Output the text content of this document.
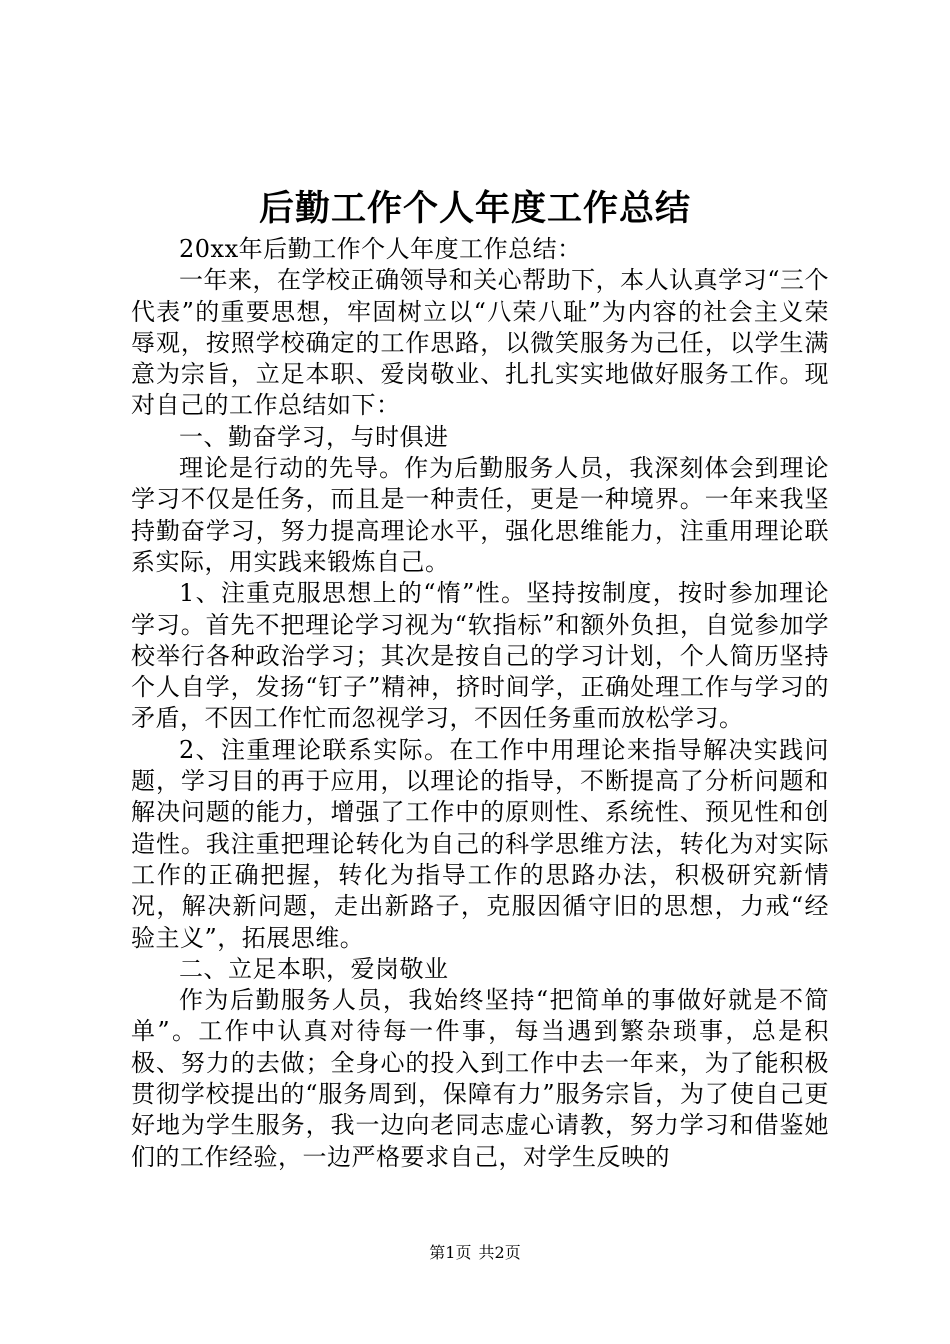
后勤工作个人年度工作总结

20xx年后勤工作个人年度工作总结：

一年来，在学校正确领导和关心帮助下，本人认真学习“三个代表”的重要思想，牢固树立以“八荣八耻”为内容的社会主义荣辱观，按照学校确定的工作思路，以微笑服务为己任，以学生满意为宗旨，立足本职、爱岗敬业、扎扎实实地做好服务工作。现对自己的工作总结如下：

一、勤奋学习，与时俱进

理论是行动的先导。作为后勤服务人员，我深刻体会到理论学习不仅是任务，而且是一种责任，更是一种境界。一年来我坚持勤奋学习，努力提高理论水平，强化思维能力，注重用理论联系实际，用实践来锻炼自己。

1、注重克服思想上的“惰”性。坚持按制度，按时参加理论学习。首先不把理论学习视为“软指标”和额外负担，自觉参加学校举行各种政治学习；其次是按自己的学习计划，个人简历坚持个人自学，发扬“钉子”精神，挤时间学，正确处理工作与学习的矛盾，不因工作忙而忽视学习，不因任务重而放松学习。

2、注重理论联系实际。在工作中用理论来指导解决实践问题，学习目的再于应用，以理论的指导，不断提高了分析问题和解决问题的能力，增强了工作中的原则性、系统性、预见性和创造性。我注重把理论转化为自己的科学思维方法，转化为对实际工作的正确把握，转化为指导工作的思路办法，积极研究新情况，解决新问题，走出新路子，克服因循守旧的思想，力戒“经验主义”，拓展思维。

二、立足本职，爱岗敬业

作为后勤服务人员，我始终坚持“把简单的事做好就是不简单”。工作中认真对待每一件事，每当遇到繁杂琐事，总是积极、努力的去做；全身心的投入到工作中去一年来，为了能积极贯彻学校提出的“服务周到，保障有力”服务宗旨，为了使自己更好地为学生服务，我一边向老同志虚心请教，努力学习和借鉴她们的工作经验，一边严格要求自己，对学生反映的

第1页 共2页
